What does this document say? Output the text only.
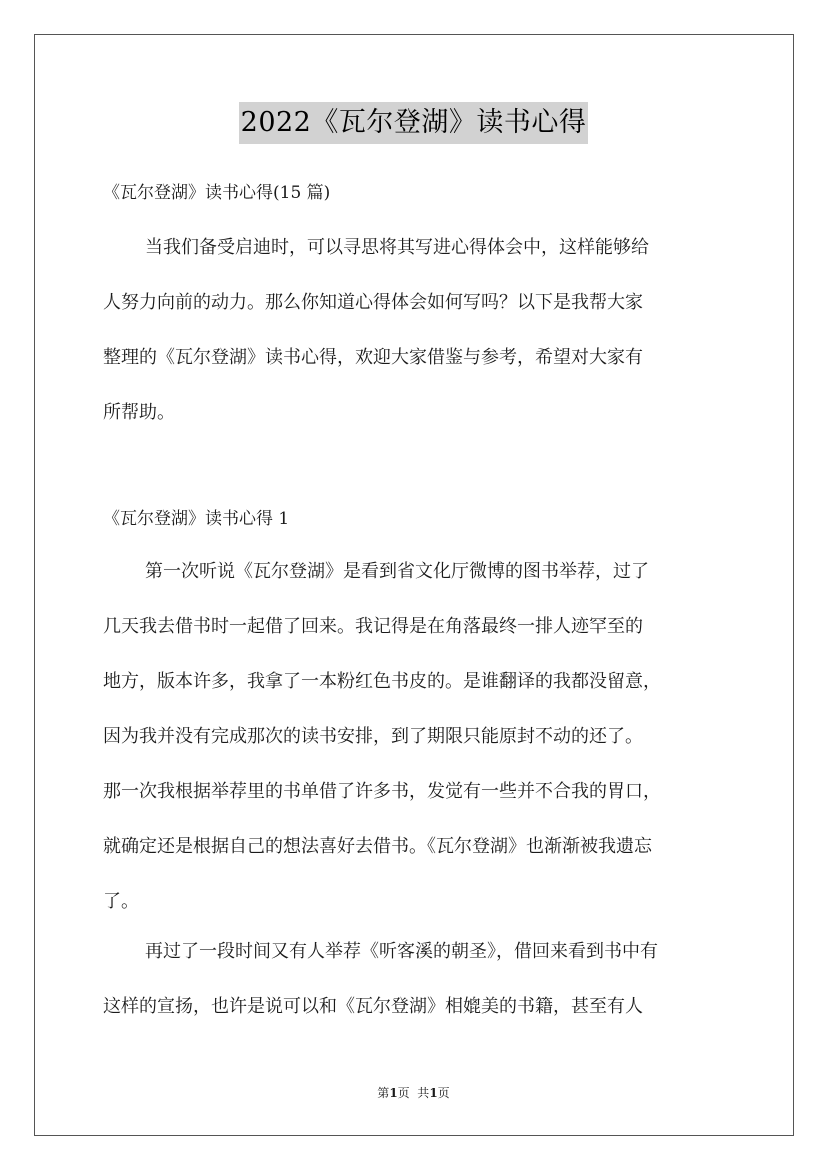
2022《瓦尔登湖》读书心得
《瓦尔登湖》读书心得(15 篇)
当我们备受启迪时，可以寻思将其写进心得体会中，这样能够给
人努力向前的动力。那么你知道心得体会如何写吗？以下是我帮大家
整理的《瓦尔登湖》读书心得，欢迎大家借鉴与参考，希望对大家有
所帮助。
《瓦尔登湖》读书心得 1
第一次听说《瓦尔登湖》是看到省文化厅微博的图书举荐，过了
几天我去借书时一起借了回来。我记得是在角落最终一排人迹罕至的
地方，版本许多，我拿了一本粉红色书皮的。是谁翻译的我都没留意，
因为我并没有完成那次的读书安排，到了期限只能原封不动的还了。
那一次我根据举荐里的书单借了许多书，发觉有一些并不合我的胃口，
就确定还是根据自己的想法喜好去借书。《瓦尔登湖》也渐渐被我遗忘
了。
再过了一段时间又有人举荐《听客溪的朝圣》，借回来看到书中有
这样的宣扬，也许是说可以和《瓦尔登湖》相媲美的书籍，甚至有人
第1页  共1页
